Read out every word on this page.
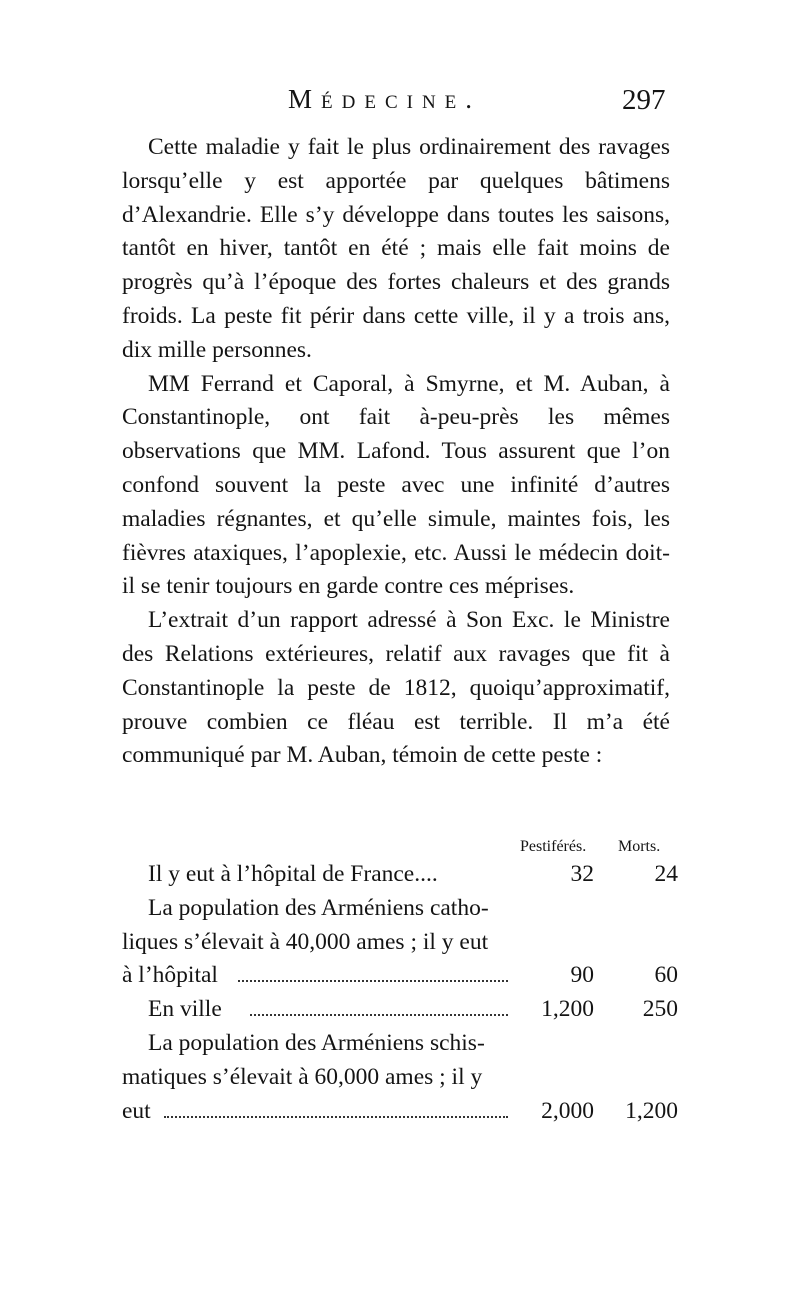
Médecine.	297

Cette maladie y fait le plus ordinairement des ravages lorsqu’elle y est apportée par quelques bâtimens d’Alexandrie. Elle s’y développe dans toutes les saisons, tantôt en hiver, tantôt en été ; mais elle fait moins de progrès qu’à l’époque des fortes chaleurs et des grands froids. La peste fit périr dans cette ville, il y a trois ans, dix mille personnes.

MM Ferrand et Caporal, à Smyrne, et M. Auban, à Constantinople, ont fait à-peu-près les mêmes observations que MM. Lafond. Tous assurent que l’on confond souvent la peste avec une infinité d’autres maladies régnantes, et qu’elle simule, maintes fois, les fièvres ataxiques, l’apoplexie, etc. Aussi le médecin doit-il se tenir toujours en garde contre ces méprises.

L’extrait d’un rapport adressé à Son Exc. le Ministre des Relations extérieures, relatif aux ravages que fit à Constantinople la peste de 1812, quoiqu’approximatif, prouve combien ce fléau est terrible. Il m’a été communiqué par M. Auban, témoin de cette peste :

Pestiférés. Morts.
Il y eut à l’hôpital de France....	32	24
La population des Arméniens catho-
liques s’élevait à 40,000 ames ; il y eut
à l’hôpital	90	60
En ville	1,200 250
La population des Arméniens schis-
matiques s’élevait à 60,000 ames ; il y
eut	2,000 1,200
